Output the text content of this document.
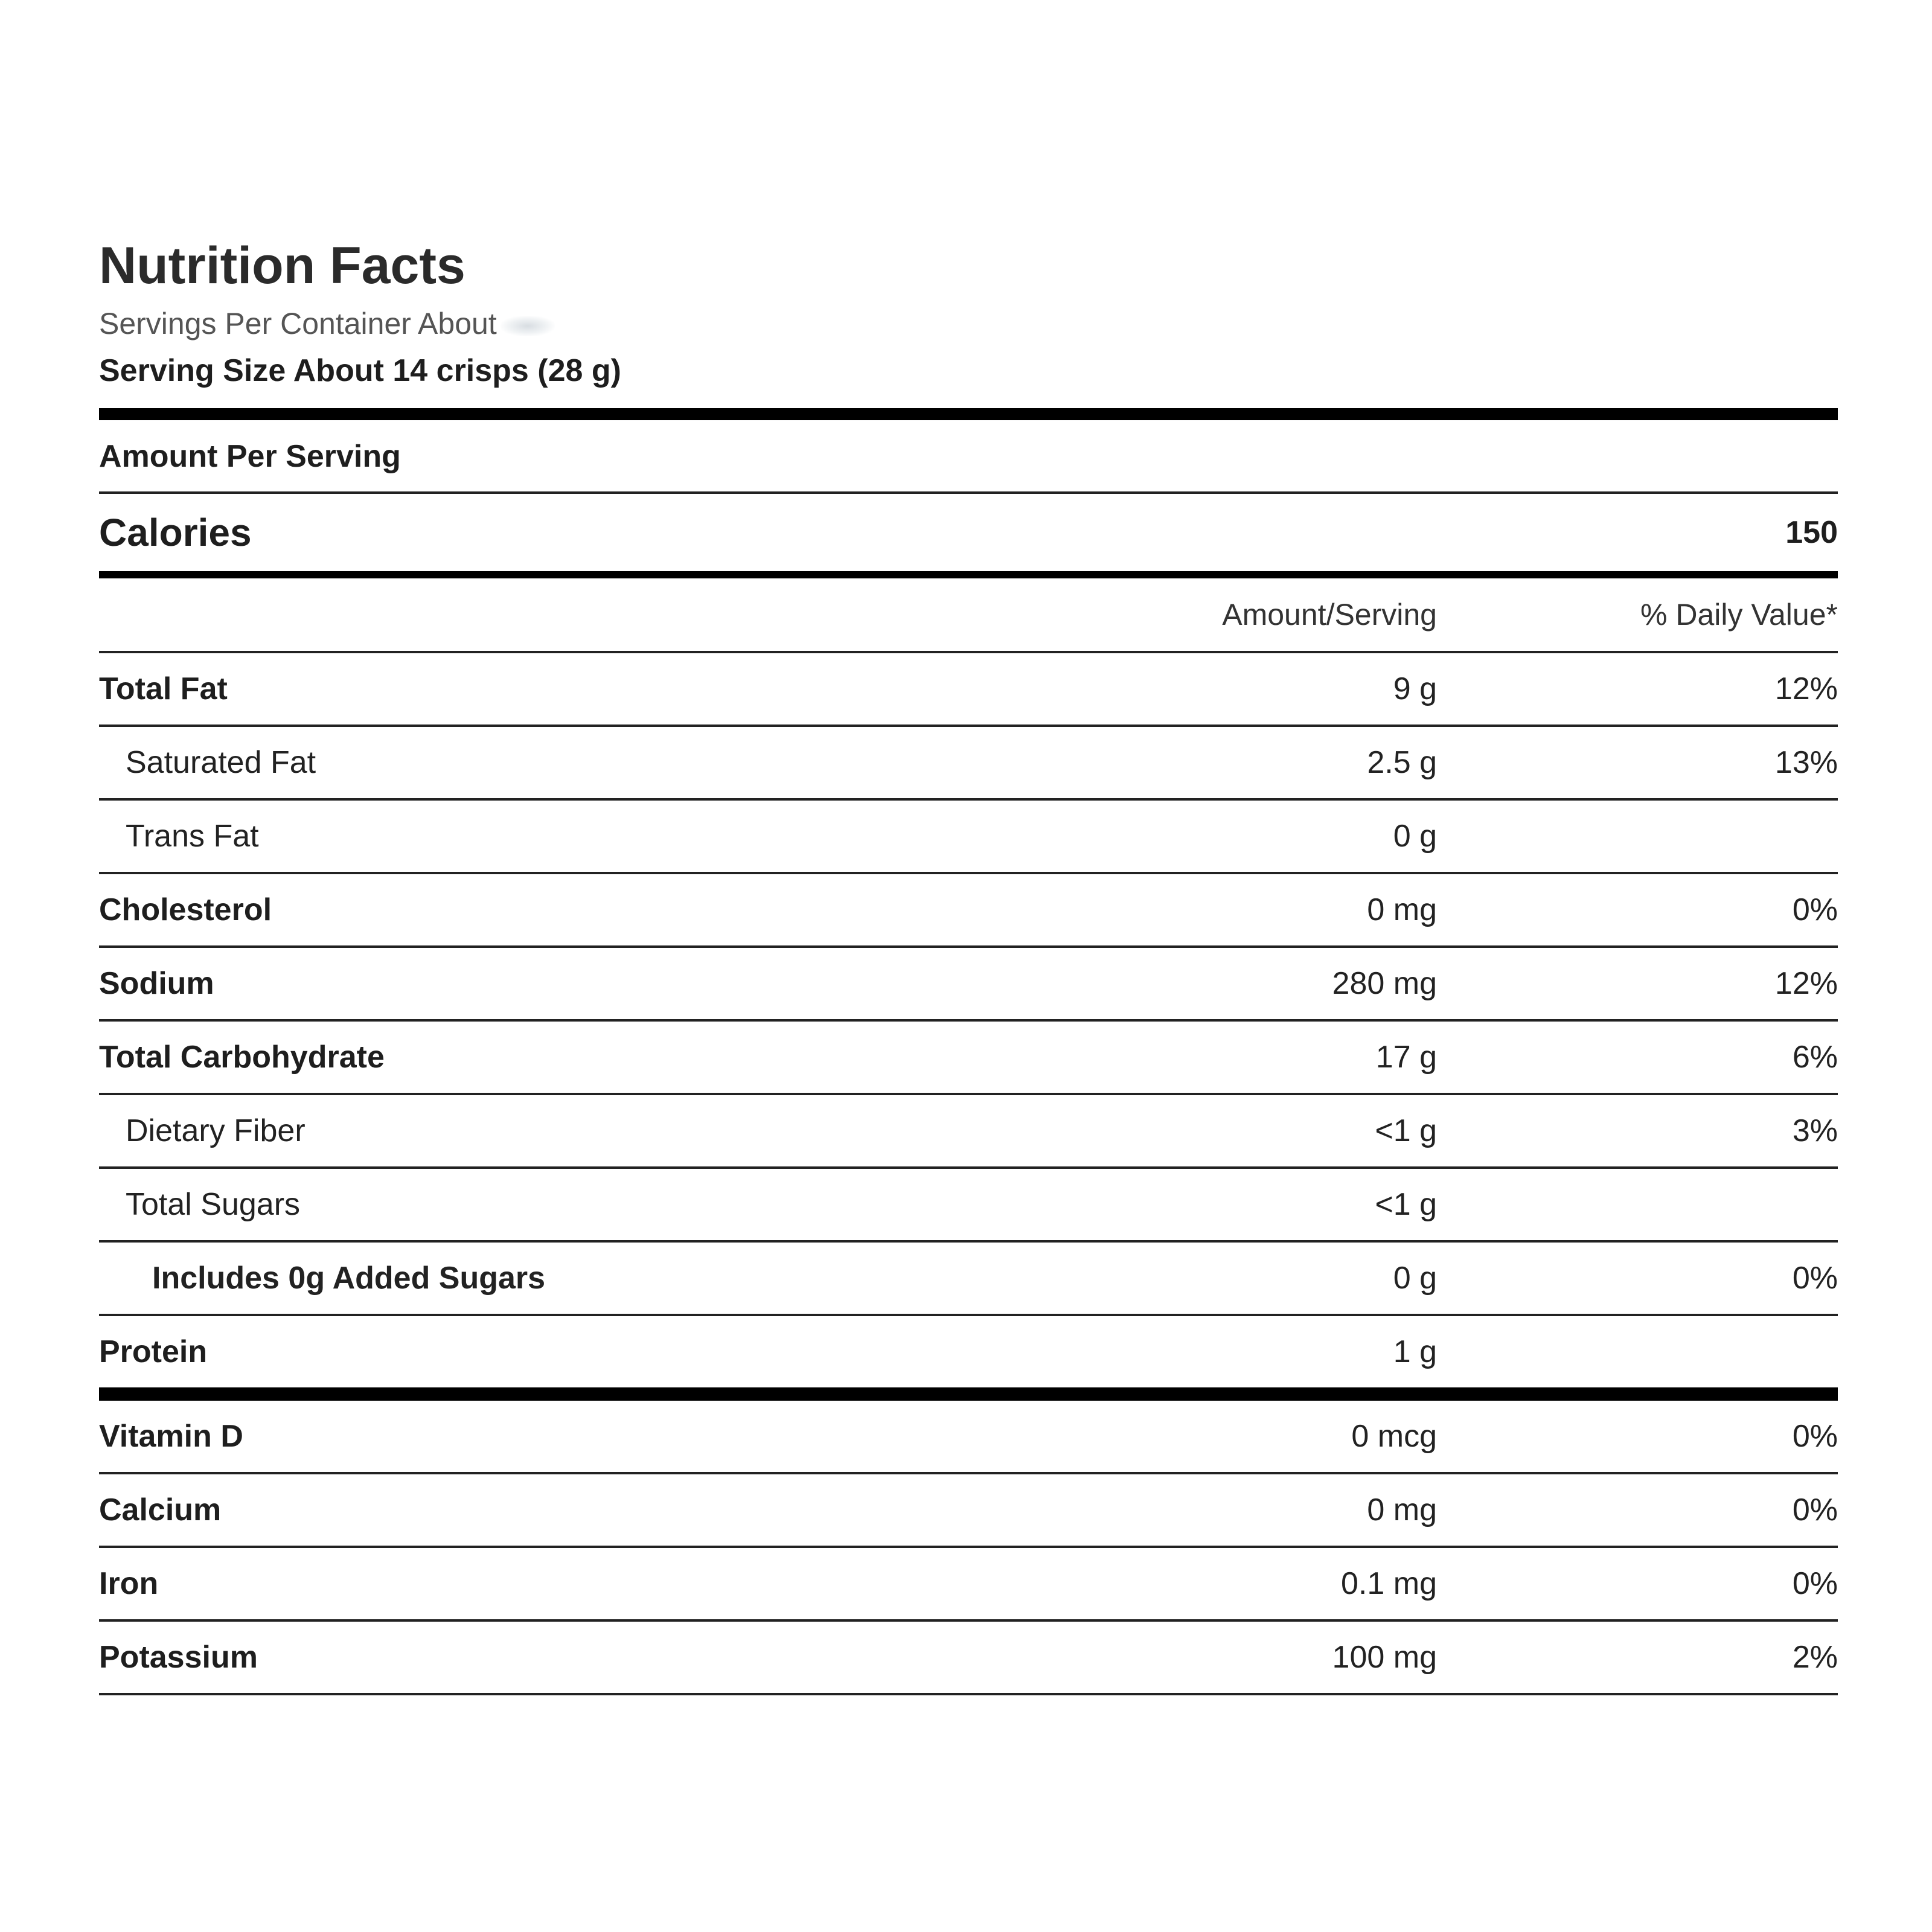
Nutrition Facts
Servings Per Container About
Serving Size About 14 crisps (28 g)
Amount Per Serving
Calories	150
Amount/Serving	% Daily Value*
Total Fat	9 g	12%
Saturated Fat	2.5 g	13%
Trans Fat	0 g
Cholesterol	0 mg	0%
Sodium	280 mg	12%
Total Carbohydrate	17 g	6%
Dietary Fiber	<1 g	3%
Total Sugars	<1 g
Includes 0g Added Sugars	0 g	0%
Protein	1 g
Vitamin D	0 mcg	0%
Calcium	0 mg	0%
Iron	0.1 mg	0%
Potassium	100 mg	2%
